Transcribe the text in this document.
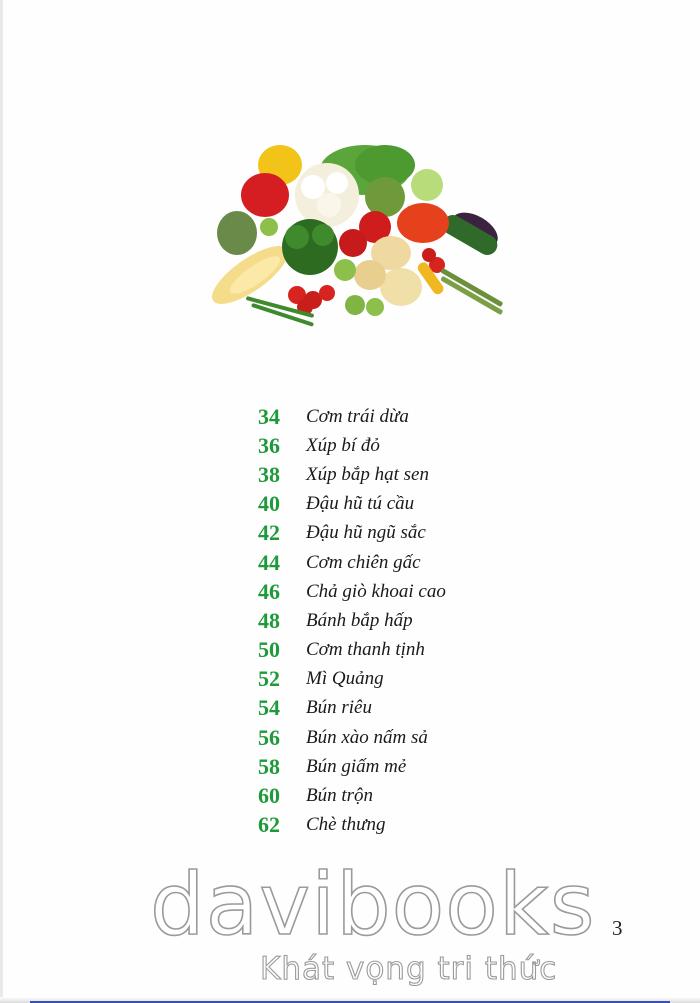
34	Cơm trái dừa
36	Xúp bí đỏ
38	Xúp bắp hạt sen
40	Đậu hũ tú cầu
42	Đậu hũ ngũ sắc
44	Cơm chiên gấc
46	Chả giò khoai cao
48	Bánh bắp hấp
50	Cơm thanh tịnh
52	Mì Quảng
54	Bún riêu
56	Bún xào nấm sả
58	Bún giấm mẻ
60	Bún trộn
62	Chè thưng
davibooks
Khát vọng tri thức
3
